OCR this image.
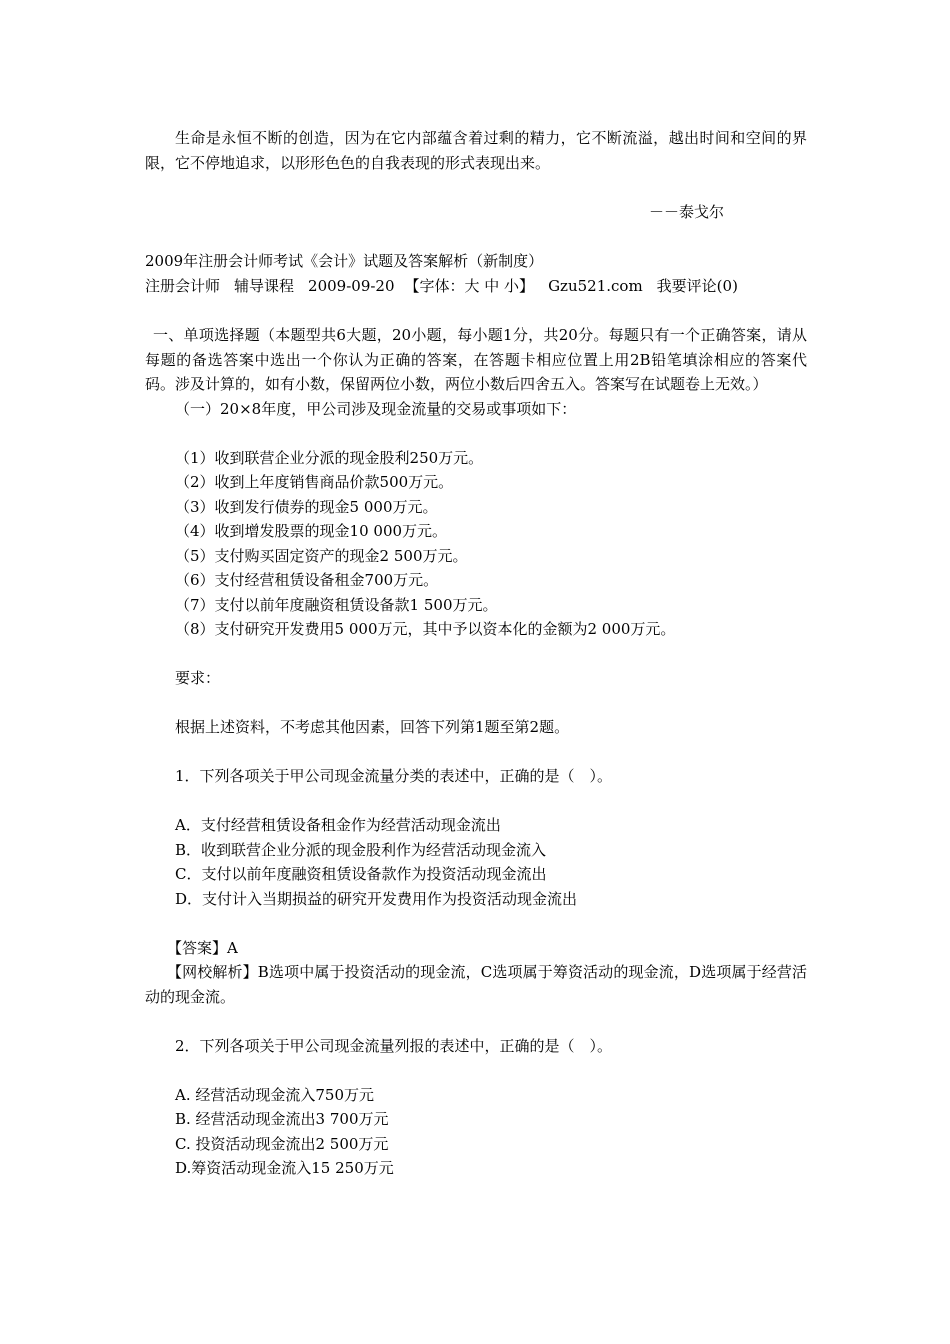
生命是永恒不断的创造，因为在它内部蕴含着过剩的精力，它不断流溢，越出时间和空间的界限，它不停地追求，以形形色色的自我表现的形式表现出来。

－－泰戈尔

2009年注册会计师考试《会计》试题及答案解析（新制度）

注册会计师 辅导课程 2009-09-20 【字体：大 中 小】 Gzu521.com 我要评论(0)

一、单项选择题（本题型共6大题，20小题，每小题1分，共20分。每题只有一个正确答案，请从每题的备选答案中选出一个你认为正确的答案，在答题卡相应位置上用2B铅笔填涂相应的答案代码。涉及计算的，如有小数，保留两位小数，两位小数后四舍五入。答案写在试题卷上无效。）

（一）20×8年度，甲公司涉及现金流量的交易或事项如下：

（1）收到联营企业分派的现金股利250万元。

（2）收到上年度销售商品价款500万元。

（3）收到发行债券的现金5 000万元。

（4）收到增发股票的现金10 000万元。

（5）支付购买固定资产的现金2 500万元。

（6）支付经营租赁设备租金700万元。

（7）支付以前年度融资租赁设备款1 500万元。

（8）支付研究开发费用5 000万元，其中予以资本化的金额为2 000万元。

要求：

根据上述资料，不考虑其他因素，回答下列第1题至第2题。

1．下列各项关于甲公司现金流量分类的表述中，正确的是（　）。

A．支付经营租赁设备租金作为经营活动现金流出

B．收到联营企业分派的现金股利作为经营活动现金流入

C．支付以前年度融资租赁设备款作为投资活动现金流出

D．支付计入当期损益的研究开发费用作为投资活动现金流出

【答案】A

【网校解析】B选项中属于投资活动的现金流，C选项属于筹资活动的现金流，D选项属于经营活动的现金流。

2．下列各项关于甲公司现金流量列报的表述中，正确的是（　）。

A. 经营活动现金流入750万元

B. 经营活动现金流出3 700万元

C. 投资活动现金流出2 500万元

D.筹资活动现金流入15 250万元
